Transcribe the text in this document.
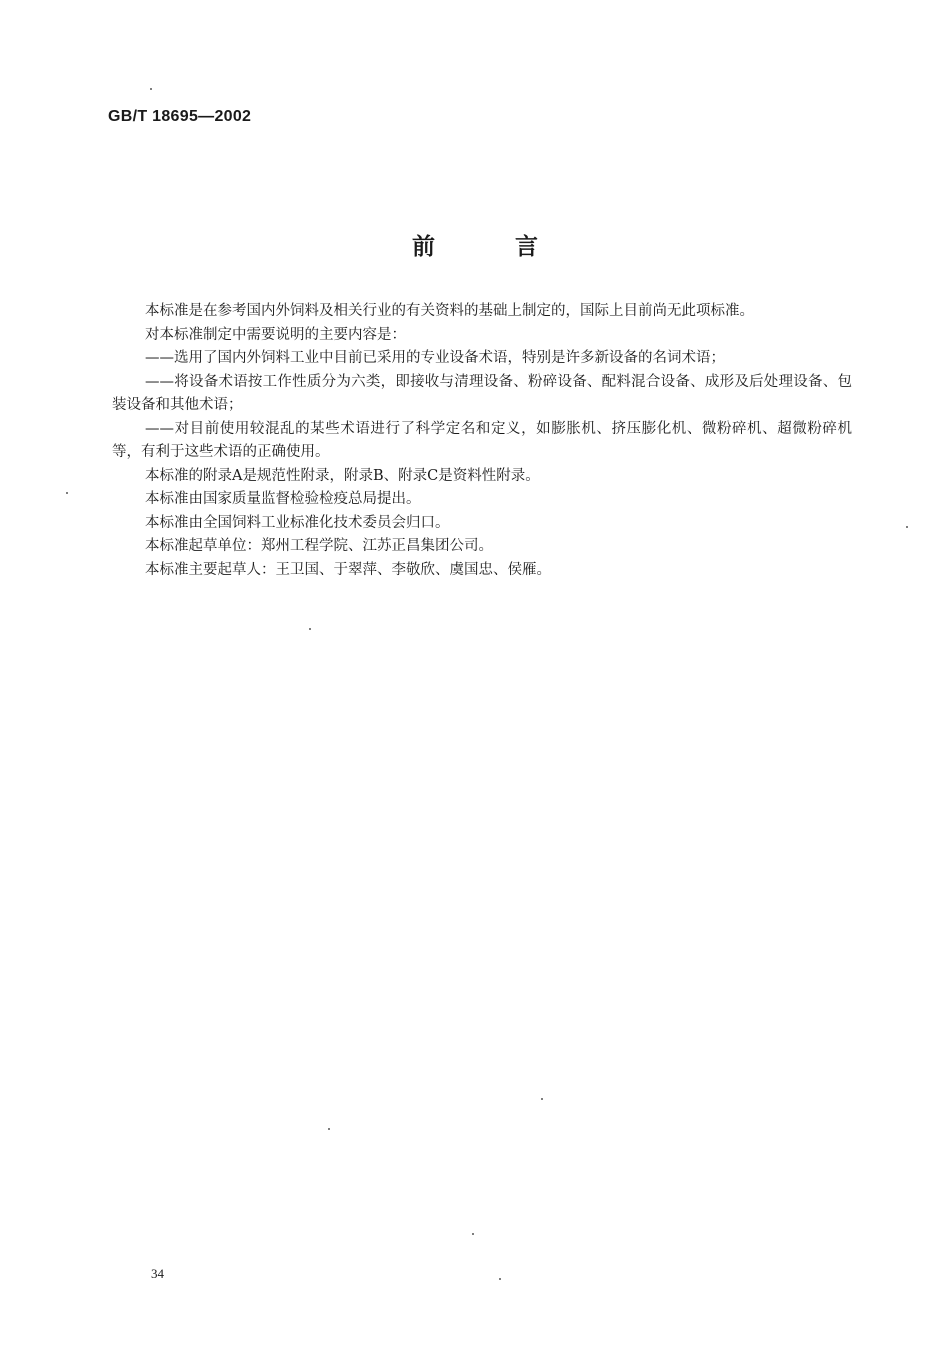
GB/T 18695—2002
前言

本标准是在参考国内外饲料及相关行业的有关资料的基础上制定的，国际上目前尚无此项标准。

对本标准制定中需要说明的主要内容是：

——选用了国内外饲料工业中目前已采用的专业设备术语，特别是许多新设备的名词术语；

——将设备术语按工作性质分为六类，即接收与清理设备、粉碎设备、配料混合设备、成形及后处理设备、包装设备和其他术语；

——对目前使用较混乱的某些术语进行了科学定名和定义，如膨胀机、挤压膨化机、微粉碎机、超微粉碎机等，有利于这些术语的正确使用。

本标准的附录A是规范性附录，附录B、附录C是资料性附录。

本标准由国家质量监督检验检疫总局提出。

本标准由全国饲料工业标准化技术委员会归口。

本标准起草单位：郑州工程学院、江苏正昌集团公司。

本标准主要起草人：王卫国、于翠萍、李敬欣、虞国忠、侯雁。

34
